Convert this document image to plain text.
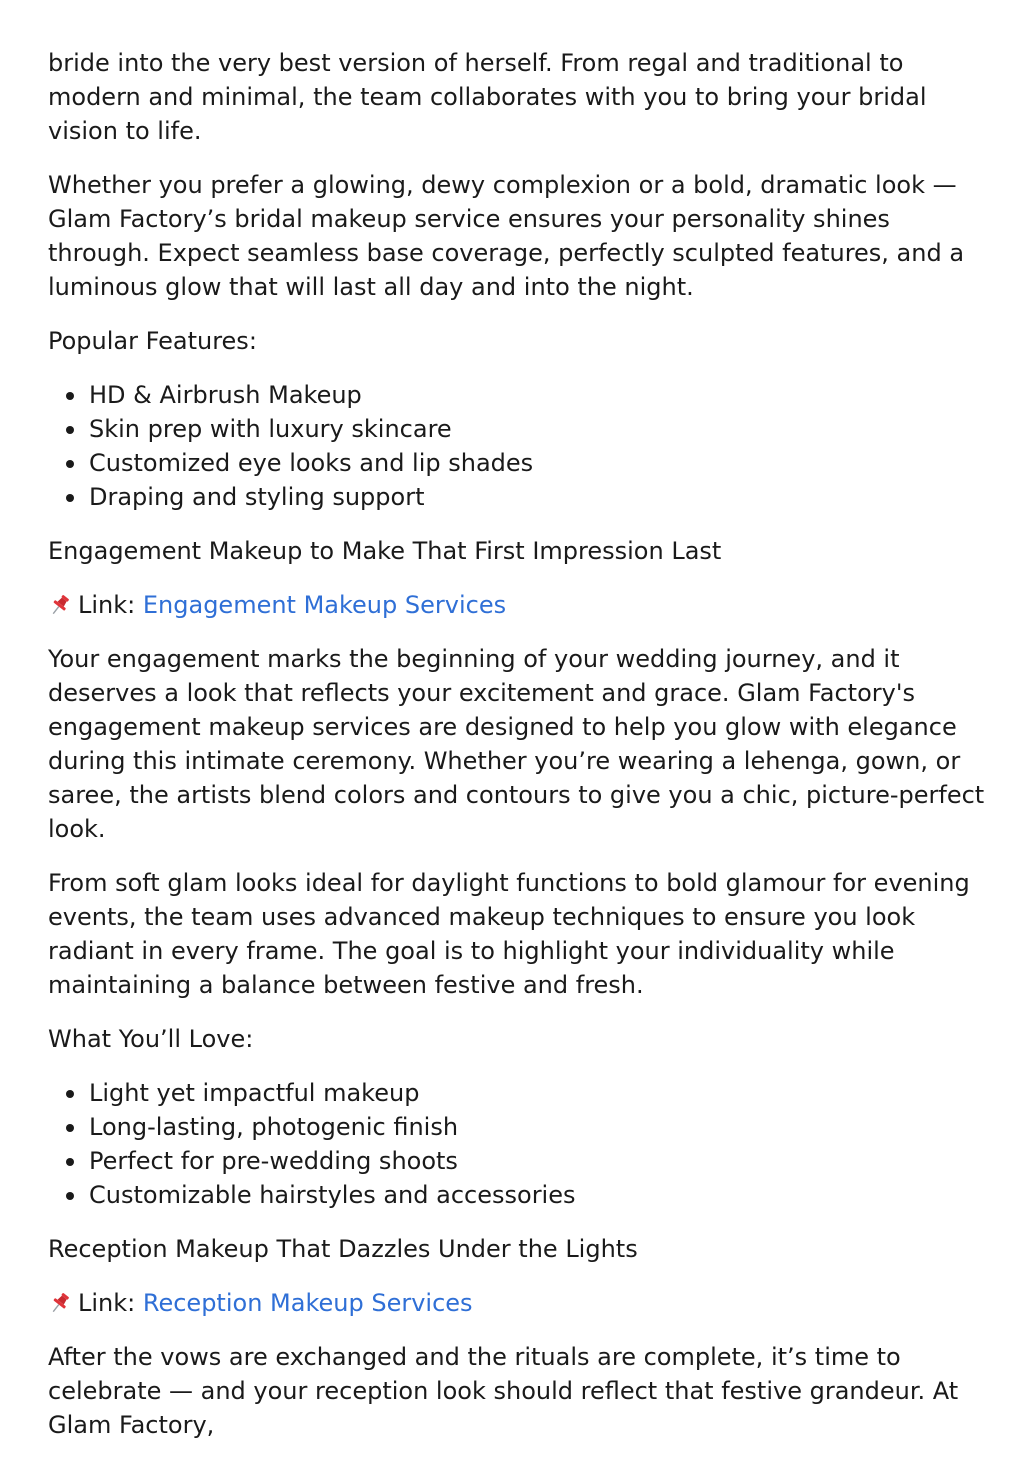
bride into the very best version of herself. From regal and traditional to modern and minimal, the team collaborates with you to bring your bridal vision to life.

Whether you prefer a glowing, dewy complexion or a bold, dramatic look — Glam Factory’s bridal makeup service ensures your personality shines through. Expect seamless base coverage, perfectly sculpted features, and a luminous glow that will last all day and into the night.

Popular Features:

HD & Airbrush Makeup
Skin prep with luxury skincare
Customized eye looks and lip shades
Draping and styling support

Engagement Makeup to Make That First Impression Last

Link:
Engagement Makeup Services

Your engagement marks the beginning of your wedding journey, and it deserves a look that reflects your excitement and grace. Glam Factory's engagement makeup services are designed to help you glow with elegance during this intimate ceremony. Whether you’re wearing a lehenga, gown, or saree, the artists blend colors and contours to give you a chic, picture-perfect look.

From soft glam looks ideal for daylight functions to bold glamour for evening events, the team uses advanced makeup techniques to ensure you look radiant in every frame. The goal is to highlight your individuality while maintaining a balance between festive and fresh.

What You’ll Love:

Light yet impactful makeup
Long-lasting, photogenic finish
Perfect for pre-wedding shoots
Customizable hairstyles and accessories

Reception Makeup That Dazzles Under the Lights

Link:
Reception Makeup Services

After the vows are exchanged and the rituals are complete, it’s time to celebrate — and your reception look should reflect that festive grandeur. At Glam Factory,
